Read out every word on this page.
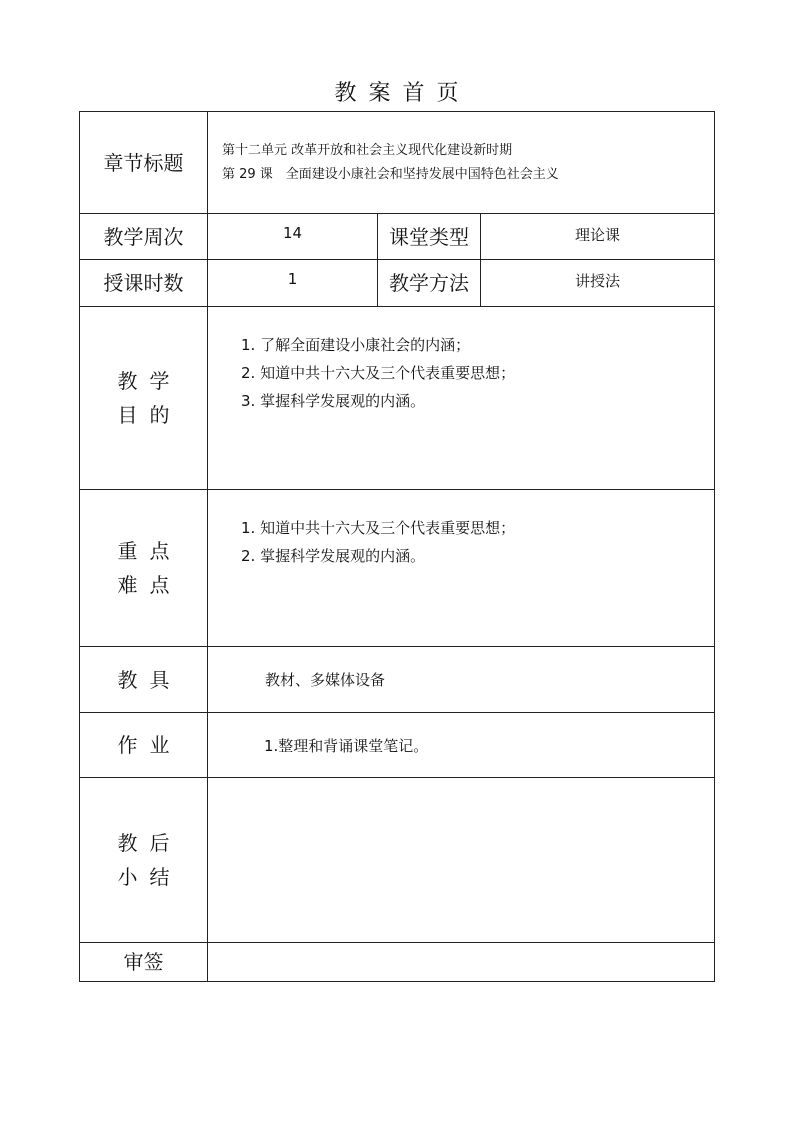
教案首页
章节标题	第十二单元 改革开放和社会主义现代化建设新时期
第 29 课　全面建设小康社会和坚持发展中国特色社会主义		

教学周次	14	课堂类型	理论课
授课时数	1	教学方法	讲授法

教学
目的	1. 了解全面建设小康社会的内涵；
2. 知道中共十六大及三个代表重要思想；
3. 掌握科学发展观的内涵。		

重点
难点	1. 知道中共十六大及三个代表重要思想；
2. 掌握科学发展观的内涵。		

教具	教材、多媒体设备		
作业	1.整理和背诵课堂笔记。		

教后
小结			

审签			
